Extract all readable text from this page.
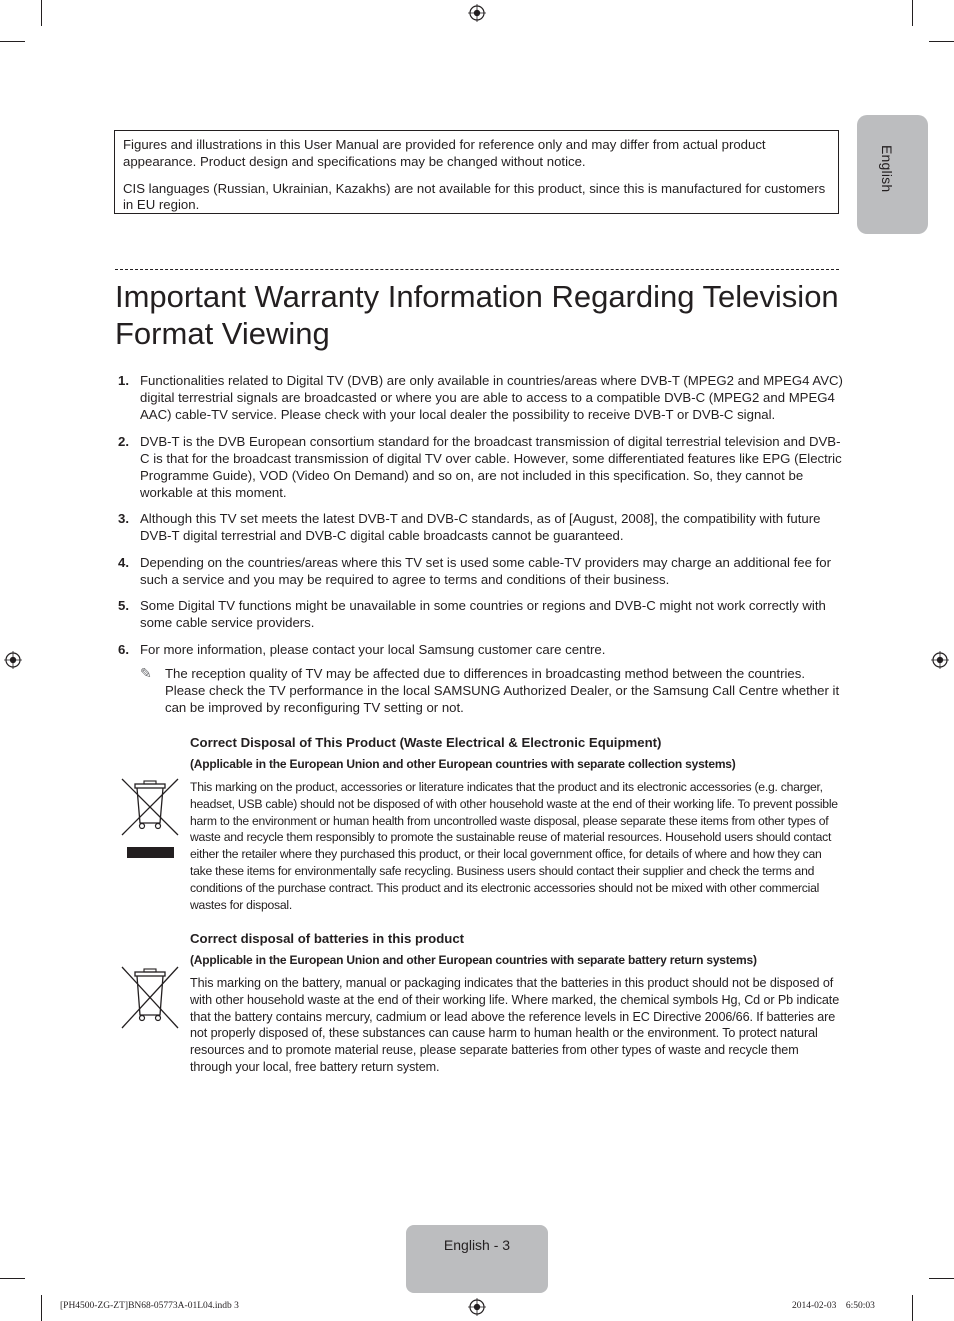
English

Figures and illustrations in this User Manual are provided for reference only and may differ from actual product appearance. Product design and specifications may be changed without notice.

CIS languages (Russian, Ukrainian, Kazakhs) are not available for this product, since this is manufactured for customers in EU region.

Important Warranty Information Regarding Television Format Viewing
1. Functionalities related to Digital TV (DVB) are only available in countries/areas where DVB-T (MPEG2 and MPEG4 AVC) digital terrestrial signals are broadcasted or where you are able to access to a compatible DVB-C (MPEG2 and MPEG4 AAC) cable-TV service. Please check with your local dealer the possibility to receive DVB-T or DVB-C signal.
2. DVB-T is the DVB European consortium standard for the broadcast transmission of digital terrestrial television and DVB-C is that for the broadcast transmission of digital TV over cable. However, some differentiated features like EPG (Electric Programme Guide), VOD (Video On Demand) and so on, are not included in this specification. So, they cannot be workable at this moment.
3. Although this TV set meets the latest DVB-T and DVB-C standards, as of [August, 2008], the compatibility with future DVB-T digital terrestrial and DVB-C digital cable broadcasts cannot be guaranteed.
4. Depending on the countries/areas where this TV set is used some cable-TV providers may charge an additional fee for such a service and you may be required to agree to terms and conditions of their business.
5. Some Digital TV functions might be unavailable in some countries or regions and DVB-C might not work correctly with some cable service providers.
6. For more information, please contact your local Samsung customer care centre.
✎ The reception quality of TV may be affected due to differences in broadcasting method between the countries. Please check the TV performance in the local SAMSUNG Authorized Dealer, or the Samsung Call Centre whether it can be improved by reconfiguring TV setting or not.
Correct Disposal of This Product (Waste Electrical & Electronic Equipment)
(Applicable in the European Union and other European countries with separate collection systems)

This marking on the product, accessories or literature indicates that the product and its electronic accessories (e.g. charger, headset, USB cable) should not be disposed of with other household waste at the end of their working life. To prevent possible harm to the environment or human health from uncontrolled waste disposal, please separate these items from other types of waste and recycle them responsibly to promote the sustainable reuse of material resources. Household users should contact either the retailer where they purchased this product, or their local government office, for details of where and how they can take these items for environmentally safe recycling. Business users should contact their supplier and check the terms and conditions of the purchase contract. This product and its electronic accessories should not be mixed with other commercial wastes for disposal.

Correct disposal of batteries in this product
(Applicable in the European Union and other European countries with separate battery return systems)

This marking on the battery, manual or packaging indicates that the batteries in this product should not be disposed of with other household waste at the end of their working life. Where marked, the chemical symbols Hg, Cd or Pb indicate that the battery contains mercury, cadmium or lead above the reference levels in EC Directive 2006/66. If batteries are not properly disposed of, these substances can cause harm to human health or the environment. To protect natural resources and to promote material reuse, please separate batteries from other types of waste and recycle them through your local, free battery return system.

English - 3
[PH4500-ZG-ZT]BN68-05773A-01L04.indb 3	2014-02-03    6:50:03
